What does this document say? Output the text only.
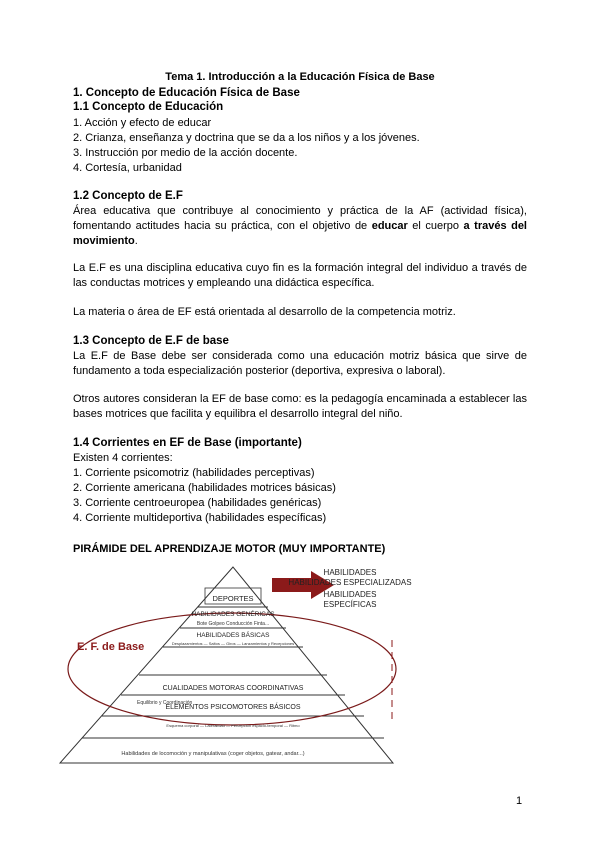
Tema 1. Introducción a la Educación Física de Base
1. Concepto de Educación Física de Base
1.1 Concepto de Educación
1. Acción y efecto de educar
2. Crianza, enseñanza y doctrina que se da a los niños y a los jóvenes.
3. Instrucción por medio de la acción docente.
4. Cortesía, urbanidad
1.2 Concepto de E.F
Área educativa que contribuye al conocimiento y práctica de la AF (actividad física), fomentando actitudes hacia su práctica, con el objetivo de educar el cuerpo a través del movimiento.
La E.F es una disciplina educativa cuyo fin es la formación integral del individuo a través de las conductas motrices y empleando una didáctica específica.
La materia o área de EF está orientada al desarrollo de la competencia motriz.
1.3 Concepto de E.F de base
La E.F de Base debe ser considerada como una educación motriz básica que sirve de fundamento a toda especialización posterior (deportiva, expresiva o laboral).
Otros autores consideran la EF de base como: es la pedagogía encaminada a establecer las bases motrices que facilita y equilibra el desarrollo integral del niño.
1.4 Corrientes en EF de Base (importante)
Existen 4 corrientes:
1. Corriente psicomotriz (habilidades perceptivas)
2. Corriente americana (habilidades motrices básicas)
3. Corriente centroeuropea (habilidades genéricas)
4. Corriente multideportiva (habilidades específicas)
PIRÁMIDE DEL APRENDIZAJE MOTOR (MUY IMPORTANTE)
HABILIDADES HABILIDADES ESPECIALIZADAS
HABILIDADES ESPECÍFICAS
E. F. de Base
DEPORTES
HABILIDADES GENÉRICAS
Bote Golpeo Conducción Finta...
HABILIDADES BÁSICAS
Desplazamientos — Saltos — Giros — Lanzamientos y Recepciones
CUALIDADES MOTORAS COORDINATIVAS
Equilibrio y Coordinación
ELEMENTOS PSICOMOTORES BÁSICOS
Esquema corporal — Lateralidad — Percepción espacio-temporal — Ritmo
Habilidades de locomoción y manipulativas (coger objetos, gatear, andar...)
1
